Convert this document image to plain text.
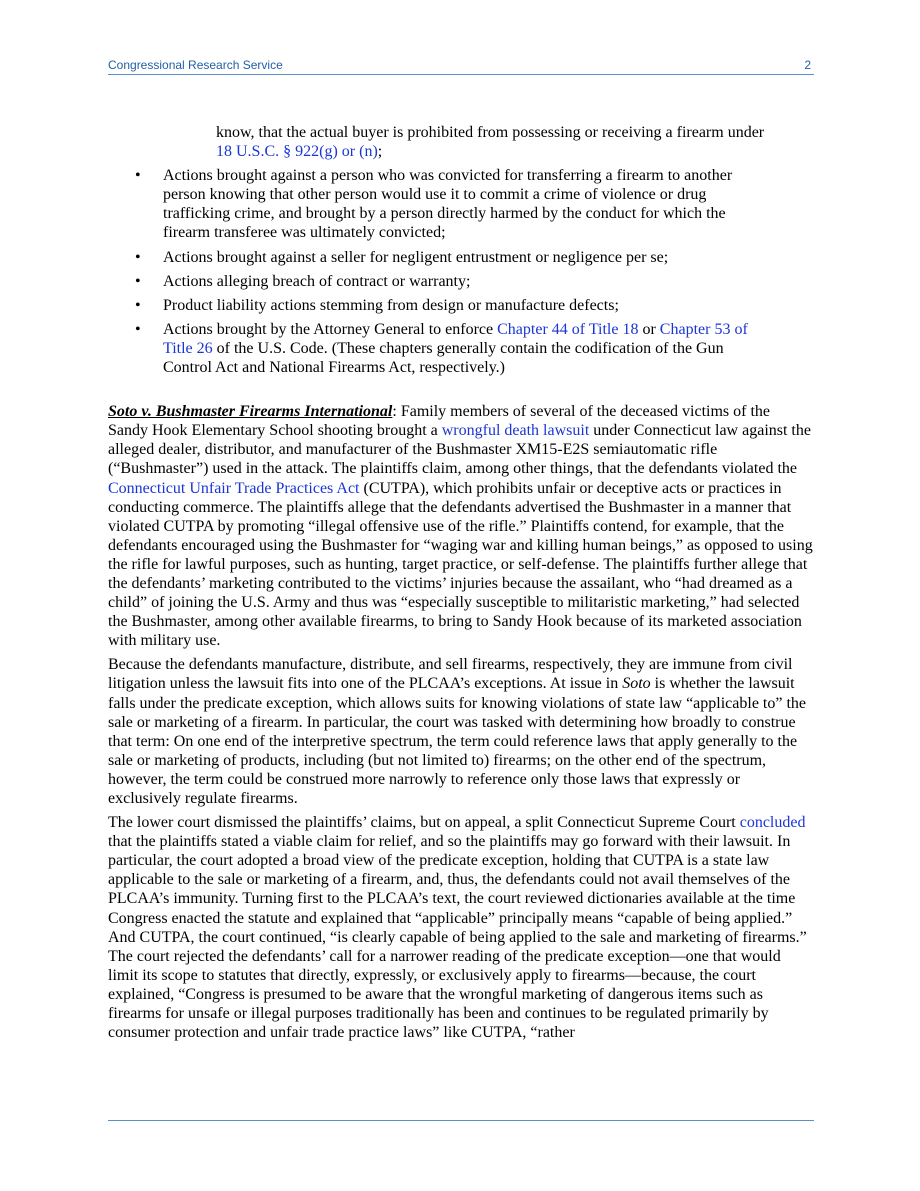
Congressional Research Service	2
know, that the actual buyer is prohibited from possessing or receiving a firearm under 18 U.S.C. § 922(g) or (n);
• Actions brought against a person who was convicted for transferring a firearm to another person knowing that other person would use it to commit a crime of violence or drug trafficking crime, and brought by a person directly harmed by the conduct for which the firearm transferee was ultimately convicted;
• Actions brought against a seller for negligent entrustment or negligence per se;
• Actions alleging breach of contract or warranty;
• Product liability actions stemming from design or manufacture defects;
• Actions brought by the Attorney General to enforce Chapter 44 of Title 18 or Chapter 53 of Title 26 of the U.S. Code. (These chapters generally contain the codification of the Gun Control Act and National Firearms Act, respectively.)

Soto v. Bushmaster Firearms International: Family members of several of the deceased victims of the Sandy Hook Elementary School shooting brought a wrongful death lawsuit under Connecticut law against the alleged dealer, distributor, and manufacturer of the Bushmaster XM15-E2S semiautomatic rifle (“Bushmaster”) used in the attack. The plaintiffs claim, among other things, that the defendants violated the Connecticut Unfair Trade Practices Act (CUTPA), which prohibits unfair or deceptive acts or practices in conducting commerce. The plaintiffs allege that the defendants advertised the Bushmaster in a manner that violated CUTPA by promoting “illegal offensive use of the rifle.” Plaintiffs contend, for example, that the defendants encouraged using the Bushmaster for “waging war and killing human beings,” as opposed to using the rifle for lawful purposes, such as hunting, target practice, or self-defense. The plaintiffs further allege that the defendants’ marketing contributed to the victims’ injuries because the assailant, who “had dreamed as a child” of joining the U.S. Army and thus was “especially susceptible to militaristic marketing,” had selected the Bushmaster, among other available firearms, to bring to Sandy Hook because of its marketed association with military use.

Because the defendants manufacture, distribute, and sell firearms, respectively, they are immune from civil litigation unless the lawsuit fits into one of the PLCAA’s exceptions. At issue in Soto is whether the lawsuit falls under the predicate exception, which allows suits for knowing violations of state law “applicable to” the sale or marketing of a firearm. In particular, the court was tasked with determining how broadly to construe that term: On one end of the interpretive spectrum, the term could reference laws that apply generally to the sale or marketing of products, including (but not limited to) firearms; on the other end of the spectrum, however, the term could be construed more narrowly to reference only those laws that expressly or exclusively regulate firearms.

The lower court dismissed the plaintiffs’ claims, but on appeal, a split Connecticut Supreme Court concluded that the plaintiffs stated a viable claim for relief, and so the plaintiffs may go forward with their lawsuit. In particular, the court adopted a broad view of the predicate exception, holding that CUTPA is a state law applicable to the sale or marketing of a firearm, and, thus, the defendants could not avail themselves of the PLCAA’s immunity. Turning first to the PLCAA’s text, the court reviewed dictionaries available at the time Congress enacted the statute and explained that “applicable” principally means “capable of being applied.” And CUTPA, the court continued, “is clearly capable of being applied to the sale and marketing of firearms.” The court rejected the defendants’ call for a narrower reading of the predicate exception—one that would limit its scope to statutes that directly, expressly, or exclusively apply to firearms—because, the court explained, “Congress is presumed to be aware that the wrongful marketing of dangerous items such as firearms for unsafe or illegal purposes traditionally has been and continues to be regulated primarily by consumer protection and unfair trade practice laws” like CUTPA, “rather
